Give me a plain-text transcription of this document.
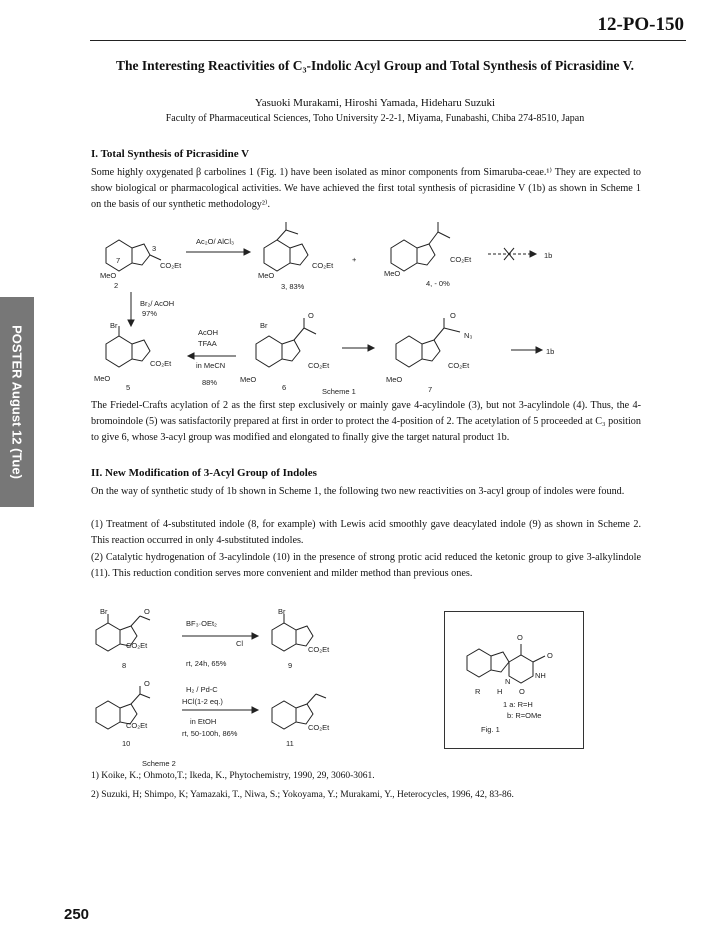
12-PO-150
The Interesting Reactivities of C₃-Indolic Acyl Group and Total Synthesis of Picrasidine V.
Yasuoki Murakami, Hiroshi Yamada, Hideharu Suzuki
Faculty of Pharmaceutical Sciences, Toho University 2-2-1, Miyama, Funabashi, Chiba 274-8510, Japan
POSTER August 12 (Tue)
I. Total Synthesis of Picrasidine V
Some highly oxygenated β carbolines 1 (Fig. 1) have been isolated as minor components from Simaruba-ceae.¹⁾ They are expected to show biological or pharmacological activities. We have achieved the first total synthesis of picrasidine V (1b) as shown in Scheme 1 on the basis of our synthetic methodology²⁾.
Ac₂O/ AlCl₃
1b
CO₂Et
MeO
2
3
7
CO₂Et
MeO
3, 83%
CO₂Et
MeO
4, - 0%
Br₂/ AcOH
97%
Br
CO₂Et
MeO
5
AcOH
TFAA
in MeCN
88%
Br
O
CO₂Et
MeO
6	Scheme 1
O
N₃
CO₂Et
MeO
7
1b
+
The Friedel-Crafts acylation of 2 as the first step exclusively or mainly gave 4-acylindole (3), but not 3-acylindole (4). Thus, the 4-bromoindole (5) was satisfactorily prepared at first in order to protect the 4-position of 2. The acetylation of 5 proceeded at C₃ position to give 6, whose 3-acyl group was modified and elongated to finally give the target natural product 1b.
II. New Modification of 3-Acyl Group of Indoles
On the way of synthetic study of 1b shown in Scheme 1, the following two new reactivities on 3-acyl group of indoles were found.
(1) Treatment of 4-substituted indole (8, for example) with Lewis acid smoothly gave deacylated indole (9) as shown in Scheme 2. This reaction occurred in only 4-substituted indoles.
(2) Catalytic hydrogenation of 3-acylindole (10) in the presence of strong protic acid reduced the ketonic group to give 3-alkylindole (11). This reduction condition serves more convenient and milder method than previous ones.
Br	O
CO₂Et
8
BF₃·OEt₂
Cl
rt, 24h, 65%
Br
CO₂Et
9
O
CO₂Et
10
H₂ / Pd-C
HCl(1-2 eq.)
in EtOH
rt, 50-100h, 86%
CO₂Et
11
Scheme 2
O
O
NH
N
H O
R
1 a: R=H
b: R=OMe
Fig. 1
1) Koike, K.; Ohmoto,T.; Ikeda, K., Phytochemistry, 1990, 29, 3060-3061.
2) Suzuki, H; Shimpo, K; Yamazaki, T., Niwa, S.; Yokoyama, Y.; Murakami, Y., Heterocycles, 1996, 42, 83-86.
250
